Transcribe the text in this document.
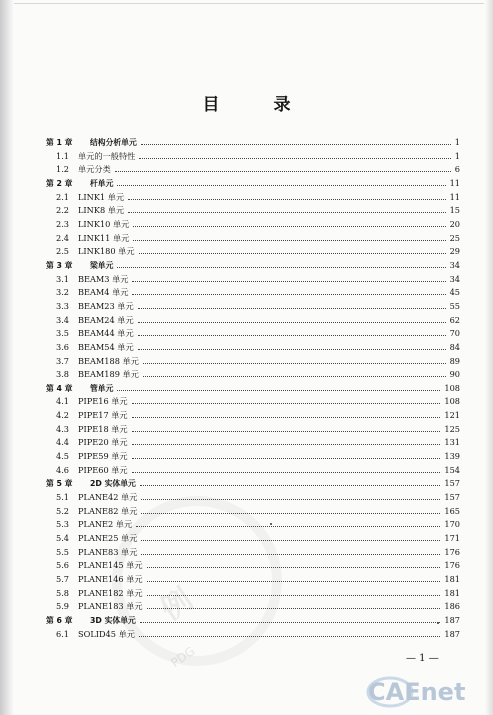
例
PDG
目 录
第 1 章 结构分析单元	1
1.1 单元的一般特性	1
1.2 单元分类	6
第 2 章 杆单元	11
2.1 LINK1 单元	11
2.2 LINK8 单元	15
2.3 LINK10 单元	20
2.4 LINK11 单元	25
2.5 LINK180 单元	29
第 3 章 梁单元	34
3.1 BEAM3 单元	34
3.2 BEAM4 单元	45
3.3 BEAM23 单元	55
3.4 BEAM24 单元	62
3.5 BEAM44 单元	70
3.6 BEAM54 单元	84
3.7 BEAM188 单元	89
3.8 BEAM189 单元	90
第 4 章 管单元	108
4.1 PIPE16 单元	108
4.2 PIPE17 单元	121
4.3 PIPE18 单元	125
4.4 PIPE20 单元	131
4.5 PIPE59 单元	139
4.6 PIPE60 单元	154
第 5 章 2D 实体单元	157
5.1 PLANE42 单元	157
5.2 PLANE82 单元	165
5.3 PLANE2 单元	170
5.4 PLANE25 单元	171
5.5 PLANE83 单元	176
5.6 PLANE145 单元	176
5.7 PLANE146 单元	181
5.8 PLANE182 单元	181
5.9 PLANE183 单元	186
第 6 章 3D 实体单元	187
6.1 SOLID45 单元	187
— 1 —
CAEnet
